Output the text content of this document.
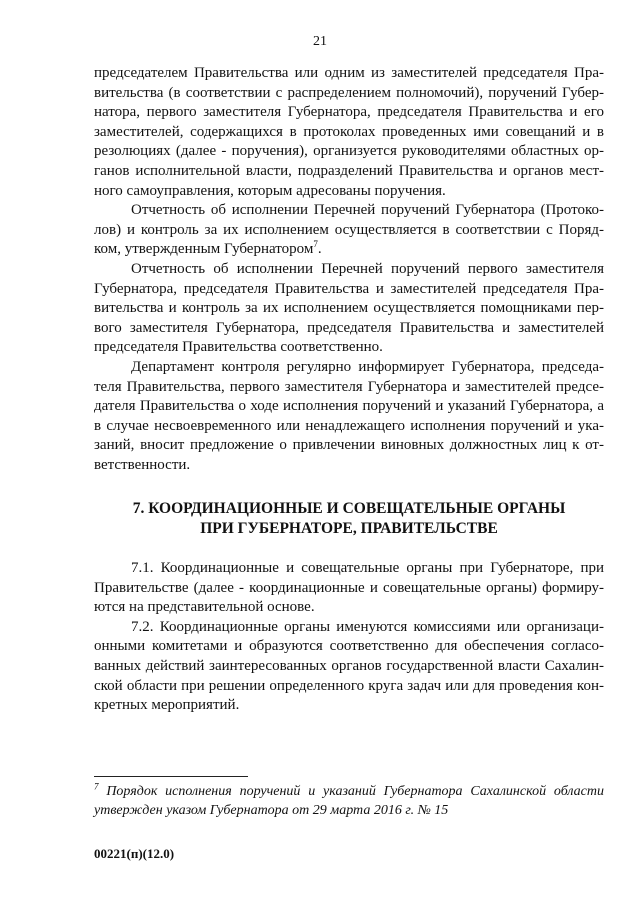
21

председателем Правительства или одним из заместителей председателя Правительства (в соответствии с распределением полномочий), поручений Губернатора, первого заместителя Губернатора, председателя Правительства и его заместителей, содержащихся в протоколах проведенных ими совещаний и в резолюциях (далее - поручения), организуется руководителями областных органов исполнительной власти, подразделений Правительства и органов местного самоуправления, которым адресованы поручения.

Отчетность об исполнении Перечней поручений Губернатора (Протоколов) и контроль за их исполнением осуществляется в соответствии с Порядком, утвержденным Губернатором$^7$.

Отчетность об исполнении Перечней поручений первого заместителя Губернатора, председателя Правительства и заместителей председателя Правительства и контроль за их исполнением осуществляется помощниками первого заместителя Губернатора, председателя Правительства и заместителей председателя Правительства соответственно.

Департамент контроля регулярно информирует Губернатора, председателя Правительства, первого заместителя Губернатора и заместителей председателя Правительства о ходе исполнения поручений и указаний Губернатора, а в случае несвоевременного или ненадлежащего исполнения поручений и указаний, вносит предложение о привлечении виновных должностных лиц к ответственности.

7. КООРДИНАЦИОННЫЕ И СОВЕЩАТЕЛЬНЫЕ ОРГАНЫ
ПРИ ГУБЕРНАТОРЕ, ПРАВИТЕЛЬСТВЕ

7.1. Координационные и совещательные органы при Губернаторе, при Правительстве (далее - координационные и совещательные органы) формируются на представительной основе.

7.2. Координационные органы именуются комиссиями или организационными комитетами и образуются соответственно для обеспечения согласованных действий заинтересованных органов государственной власти Сахалинской области при решении определенного круга задач или для проведения конкретных мероприятий.

$^7$ Порядок исполнения поручений и указаний Губернатора Сахалинской области утвержден указом Губернатора от 29 марта 2016 г. № 15
00221(п)(12.0)
